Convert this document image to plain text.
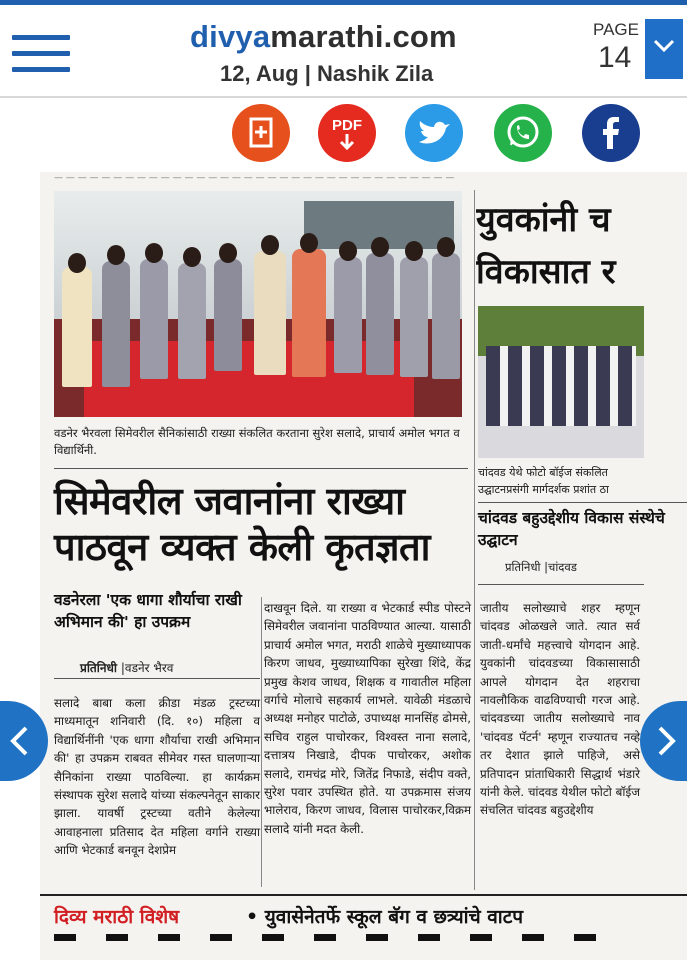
divyamarathi.com
12, Aug | Nashik Zila
PAGE
14
PDF
— — — — — — — — — — — — — — — — — — — — — — — — — — — — — — — — — —
वडनेर भैरवला सिमेवरील सैनिकांसाठी राख्या संकलित करताना सुरेश सलादे, प्राचार्य अमोल भगत व विद्यार्थिनी.
सिमेवरील जवानांना राख्या
पाठवून व्यक्त केली कृतज्ञता
वडनेरला 'एक धागा शौर्याचा राखी अभिमान की' हा उपक्रम
प्रतिनिधी |वडनेर भैरव
सलादे बाबा कला क्रीडा मंडळ ट्रस्टच्या माध्यमातून शनिवारी (दि. १०) महिला व विद्यार्थिनींनी 'एक धागा शौर्याचा राखी अभिमान की' हा उपक्रम राबवत सीमेवर गस्त घालणाऱ्या सैनिकांना राख्या पाठविल्या. हा कार्यक्रम संस्थापक सुरेश सलादे यांच्या संकल्पनेतून साकार झाला. यावर्षी ट्रस्टच्या वतीने केलेल्या आवाहनाला प्रतिसाद देत महिला वर्गाने राख्या आणि भेटकार्ड बनवून देशप्रेम
दाखवून दिले. या राख्या व भेटकार्ड स्पीड पोस्टने सिमेवरील जवानांना पाठविण्यात आल्या. यासाठी प्राचार्य अमोल भगत, मराठी शाळेचे मुख्याध्यापक किरण जाधव, मुख्याध्यापिका सुरेखा शिंदे, केंद्र प्रमुख केशव जाधव, शिक्षक व गावातील महिला वर्गाचे मोलाचे सहकार्य लाभले. यावेळी मंडळाचे अध्यक्ष मनोहर पाटोळे, उपाध्यक्ष मानसिंह ढोमसे, सचिव राहुल पाचोरकर, विश्वस्त नाना सलादे, दत्तात्रय निखाडे, दीपक पाचोरकर, अशोक सलादे, रामचंद्र मोरे, जितेंद्र निफाडे, संदीप वक्ते, सुरेश पवार उपस्थित होते. या उपक्रमास संजय भालेराव, किरण जाधव, विलास पाचोरकर,विक्रम सलादे यांनी मदत केली.
युवकांनी च
विकासात र
चांदवड येथे फोटो बॉईज संकलित
उद्घाटनप्रसंगी मार्गदर्शक प्रशांत ठा
चांदवड बहुउद्देशीय विकास संस्थेचे उद्घाटन
प्रतिनिधी |चांदवड
जातीय सलोख्याचे शहर म्हणून चांदवड ओळखले जाते. त्यात सर्व जाती-धर्मांचे महत्त्वाचे योगदान आहे. युवकांनी चांदवडच्या विकासासाठी आपले योगदान देत शहराचा नावलौकिक वाढविण्याची गरज आहे. चांदवडच्या जातीय सलोख्याचे नाव 'चांदवड पॅटर्न' म्हणून राज्यातच नव्हे तर देशात झाले पाहिजे, असे प्रतिपादन प्रांताधिकारी सिद्धार्थ भंडारे यांनी केले. चांदवड येथील फोटो बॉईज संचलित चांदवड बहुउद्देशीय
दिव्य मराठी विशेष	• युवासेनेतर्फे स्कूल बॅग व छत्र्यांचे वाटप
